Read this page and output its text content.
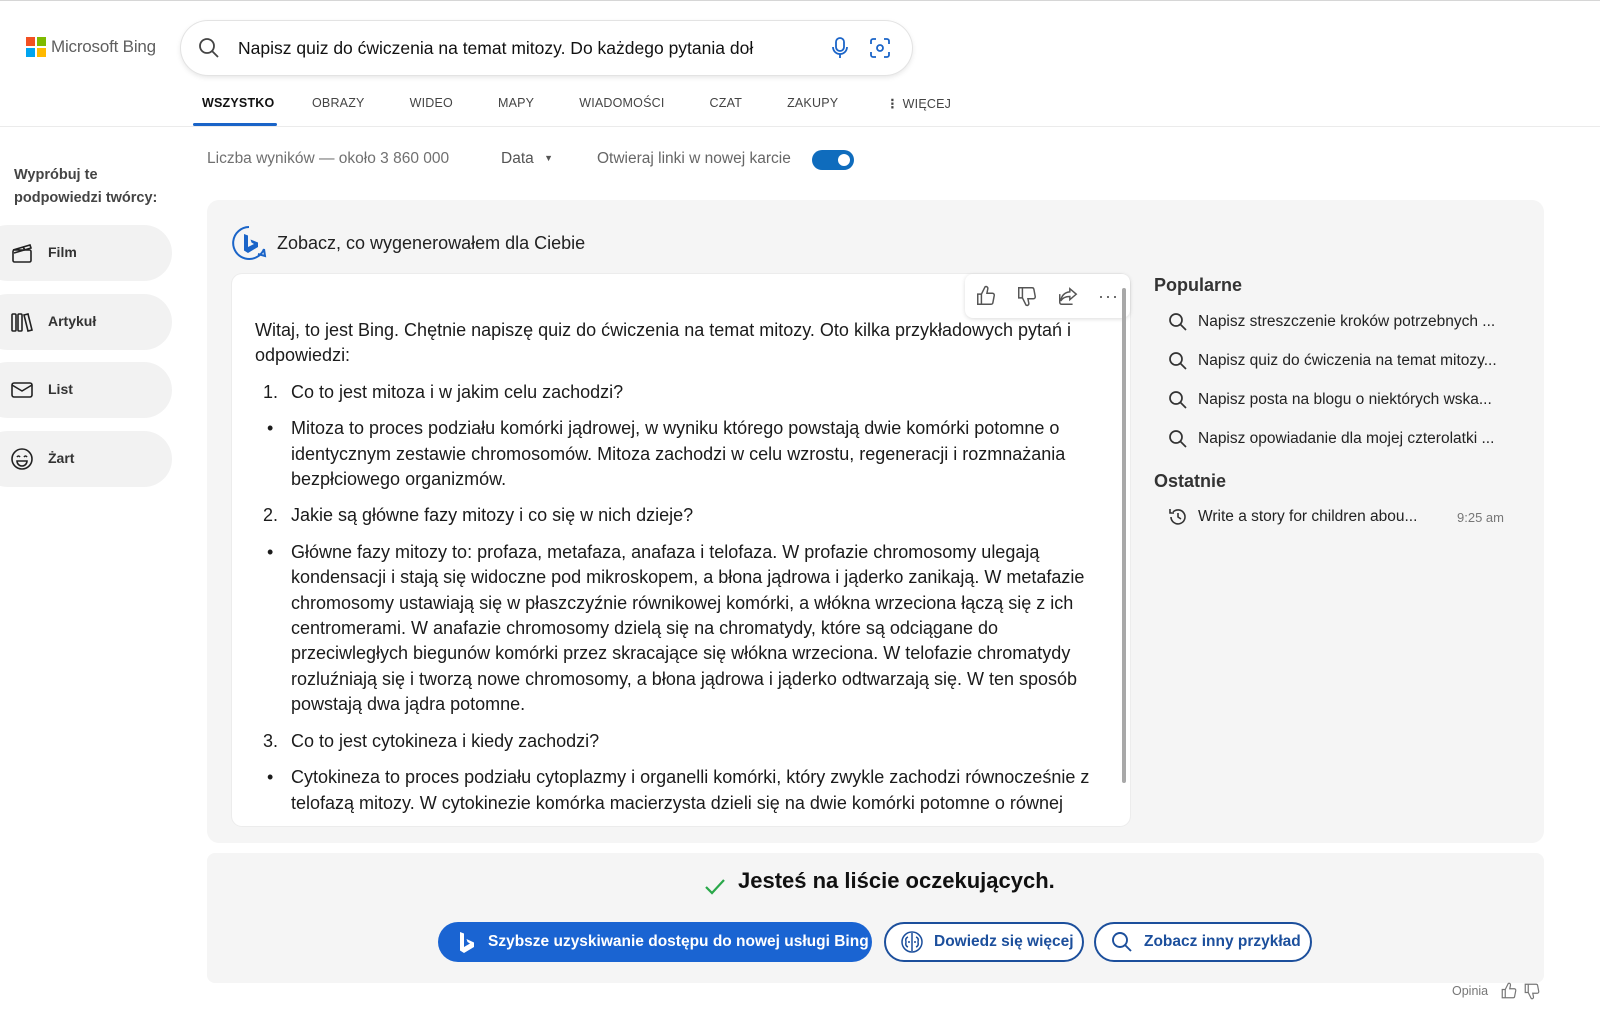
Microsoft Bing	Napisz quiz do ćwiczenia na temat mitozy. Do każdego pytania doł
WSZYSTKO	OBRAZY	WIDEO	MAPY	WIADOMOŚCI	CZAT	ZAKUPY	⋮ WIĘCEJ
Liczba wyników — około 3 860 000	Data ▼	Otwieraj linki w nowej karcie
Wypróbuj te podpowiedzi twórcy:
Film
Artykuł
List
Żart
Zobacz, co wygenerowałem dla Ciebie

Witaj, to jest Bing. Chętnie napiszę quiz do ćwiczenia na temat mitozy. Oto kilka przykładowych pytań i odpowiedzi:

1. Co to jest mitoza i w jakim celu zachodzi?
• Mitoza to proces podziału komórki jądrowej, w wyniku którego powstają dwie komórki potomne o identycznym zestawie chromosomów. Mitoza zachodzi w celu wzrostu, regeneracji i rozmnażania bezpłciowego organizmów.
2. Jakie są główne fazy mitozy i co się w nich dzieje?
• Główne fazy mitozy to: profaza, metafaza, anafaza i telofaza. W profazie chromosomy ulegają kondensacji i stają się widoczne pod mikroskopem, a błona jądrowa i jąderko zanikają. W metafazie chromosomy ustawiają się w płaszczyźnie równikowej komórki, a włókna wrzeciona łączą się z ich centromerami. W anafazie chromosomy dzielą się na chromatydy, które są odciągane do przeciwległych biegunów komórki przez skracające się włókna wrzeciona. W telofazie chromatydy rozluźniają się i tworzą nowe chromosomy, a błona jądrowa i jąderko odtwarzają się. W ten sposób powstają dwa jądra potomne.
3. Co to jest cytokineza i kiedy zachodzi?
• Cytokineza to proces podziału cytoplazmy i organelli komórki, który zwykle zachodzi równocześnie z telofazą mitozy. W cytokinezie komórka macierzysta dzieli się na dwie komórki potomne o równej
···
Popularne
Napisz streszczenie kroków potrzebnych ...
Napisz quiz do ćwiczenia na temat mitozy...
Napisz posta na blogu o niektórych wska...
Napisz opowiadanie dla mojej czterolatki ...
Ostatnie
Write a story for children abou...	9:25 am
Jesteś na liście oczekujących.
Szybsze uzyskiwanie dostępu do nowej usługi Bing	Dowiedz się więcej	Zobacz inny przykład
Opinia
